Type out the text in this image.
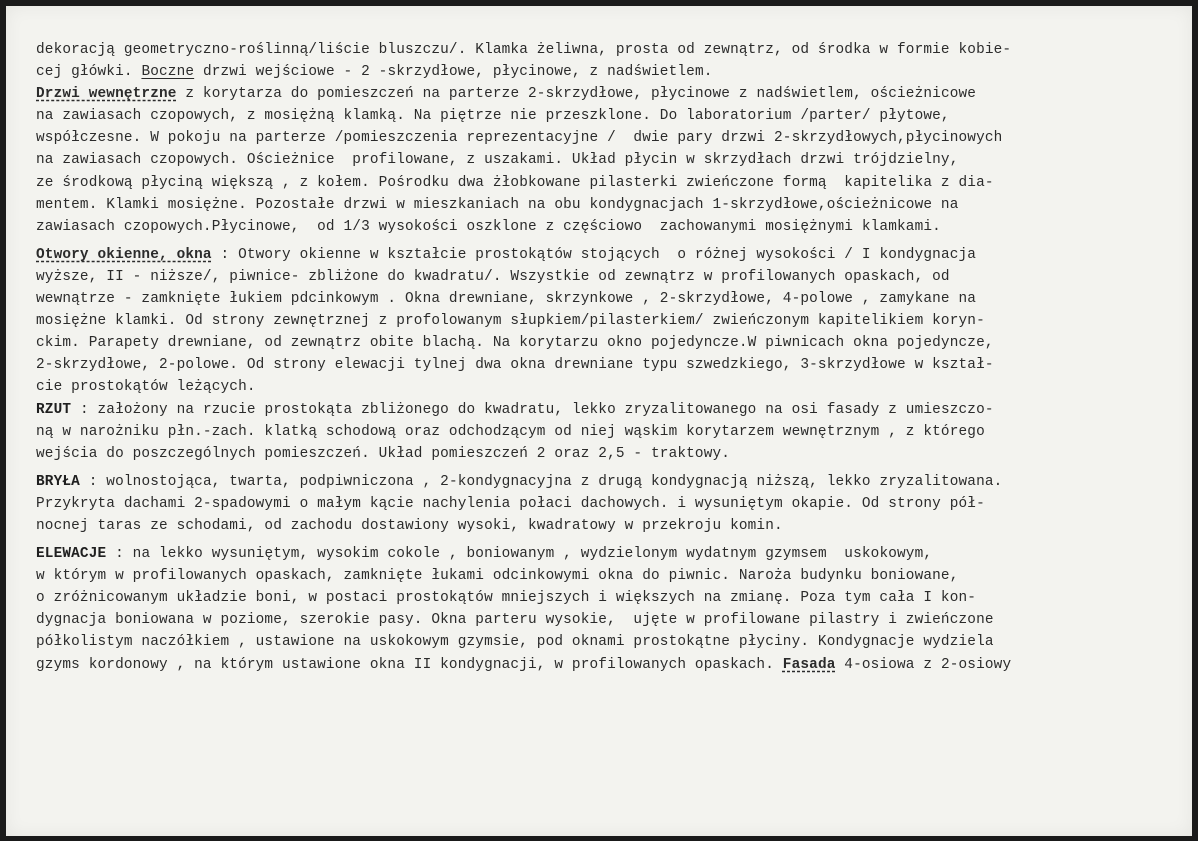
dekoracją geometryczno-roślinną/liście bluszczu/. Klamka żeliwna, prosta od zewnątrz, od środka w formie kobie-
cej główki. Boczne drzwi wejściowe - 2 -skrzydłowe, płycinowe, z nadświetlem.
Drzwi wewnętrzne z korytarza do pomieszczeń na parterze 2-skrzydłowe, płycinowe z nadświetlem, ościeżnicowe
na zawiasach czopowych, z mosiężną klamką. Na piętrze nie przeszklone. Do laboratorium /parter/ płytowe,
współczesne. W pokoju na parterze /pomieszczenia reprezentacyjne /  dwie pary drzwi 2-skrzydłowych,płycinowych
na zawiasach czopowych. Ościeżnice  profilowane, z uszakami. Układ płycin w skrzydłach drzwi trójdzielny,
ze środkową płyciną większą , z kołem. Pośrodku dwa żłobkowane pilasterki zwieńczone formą  kapitelika z dia-
mentem. Klamki mosiężne. Pozostałe drzwi w mieszkaniach na obu kondygnacjach 1-skrzydłowe,ościeżnicowe na
zawiasach czopowych.Płycinowe,  od 1/3 wysokości oszklone z częściowo  zachowanymi mosiężnymi klamkami.
Otwory okienne, okna : Otwory okienne w kształcie prostokątów stojących  o różnej wysokości / I kondygnacja
wyższe, II - niższe/, piwnice- zbliżone do kwadratu/. Wszystkie od zewnątrz w profilowanych opaskach, od
wewnątrze - zamknięte łukiem pdcinkowym . Okna drewniane, skrzynkowe , 2-skrzydłowe, 4-polowe , zamykane na
mosiężne klamki. Od strony zewnętrznej z profolowanym słupkiem/pilasterkiem/ zwieńczonym kapitelikiem koryn-
ckim. Parapety drewniane, od zewnątrz obite blachą. Na korytarzu okno pojedyncze.W piwnicach okna pojedyncze,
2-skrzydłowe, 2-polowe. Od strony elewacji tylnej dwa okna drewniane typu szwedzkiego, 3-skrzydłowe w kształ-
cie prostokątów leżących.
RZUT : założony na rzucie prostokąta zbliżonego do kwadratu, lekko zryzalitowanego na osi fasady z umieszczo-
ną w narożniku płn.-zach. klatką schodową oraz odchodzącym od niej wąskim korytarzem wewnętrznym , z którego
wejścia do poszczególnych pomieszczeń. Układ pomieszczeń 2 oraz 2,5 - traktowy.
BRYŁA : wolnostojąca, twarta, podpiwniczona , 2-kondygnacyjna z drugą kondygnacją niższą, lekko zryzalitowana.
Przykryta dachami 2-spadowymi o małym kącie nachylenia połaci dachowych. i wysuniętym okapie. Od strony pół-
nocnej taras ze schodami, od zachodu dostawiony wysoki, kwadratowy w przekroju komin.
ELEWACJE : na lekko wysuniętym, wysokim cokole , boniowanym , wydzielonym wydatnym gzymsem  uskokowym,
w którym w profilowanych opaskach, zamknięte łukami odcinkowymi okna do piwnic. Naroża budynku boniowane,
o zróżnicowanym układzie boni, w postaci prostokątów mniejszych i większych na zmianę. Poza tym cała I kon-
dygnacja boniowana w poziome, szerokie pasy. Okna parteru wysokie,  ujęte w profilowane pilastry i zwieńczone
półkolistym naczółkiem , ustawione na uskokowym gzymsie, pod oknami prostokątne płyciny. Kondygnacje wydziela
gzyms kordonowy , na którym ustawione okna II kondygnacji, w profilowanych opaskach. Fasada 4-osiowa z 2-osiowy
